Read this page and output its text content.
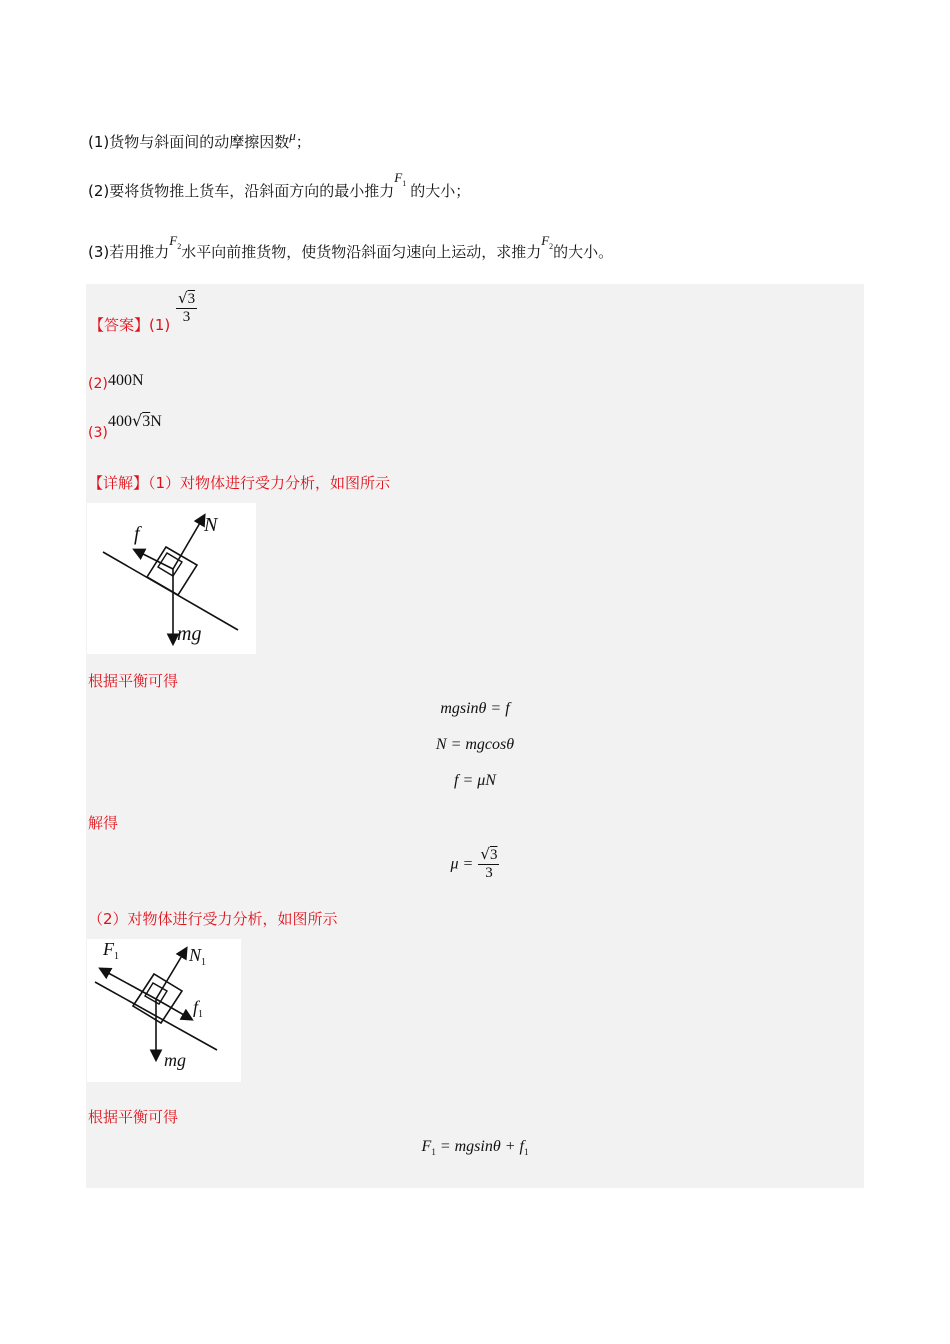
(1)货物与斜面间的动摩擦因数μ；
(2)要将货物推上货车，沿斜面方向的最小推力$F_1$ 的大小；
(3)若用推力$F_2$水平向前推货物，使货物沿斜面匀速向上运动，求推力$F_2$的大小。
【答案】$(1) \frac{√3}{3}$
(2) 400N
(3)
400√3N
【详解】（1）对物体进行受力分析，如图所示
f	N
mg
根据平衡可得
mgsinθ = f
N = mgcosθ
f = μN
解得
$\mu = \frac{√3}{3}$
（2）对物体进行受力分析，如图所示
$F_1$	$N_1$
$f_1$
mg
根据平衡可得
$F_1 = mgsin\theta + f_1$
